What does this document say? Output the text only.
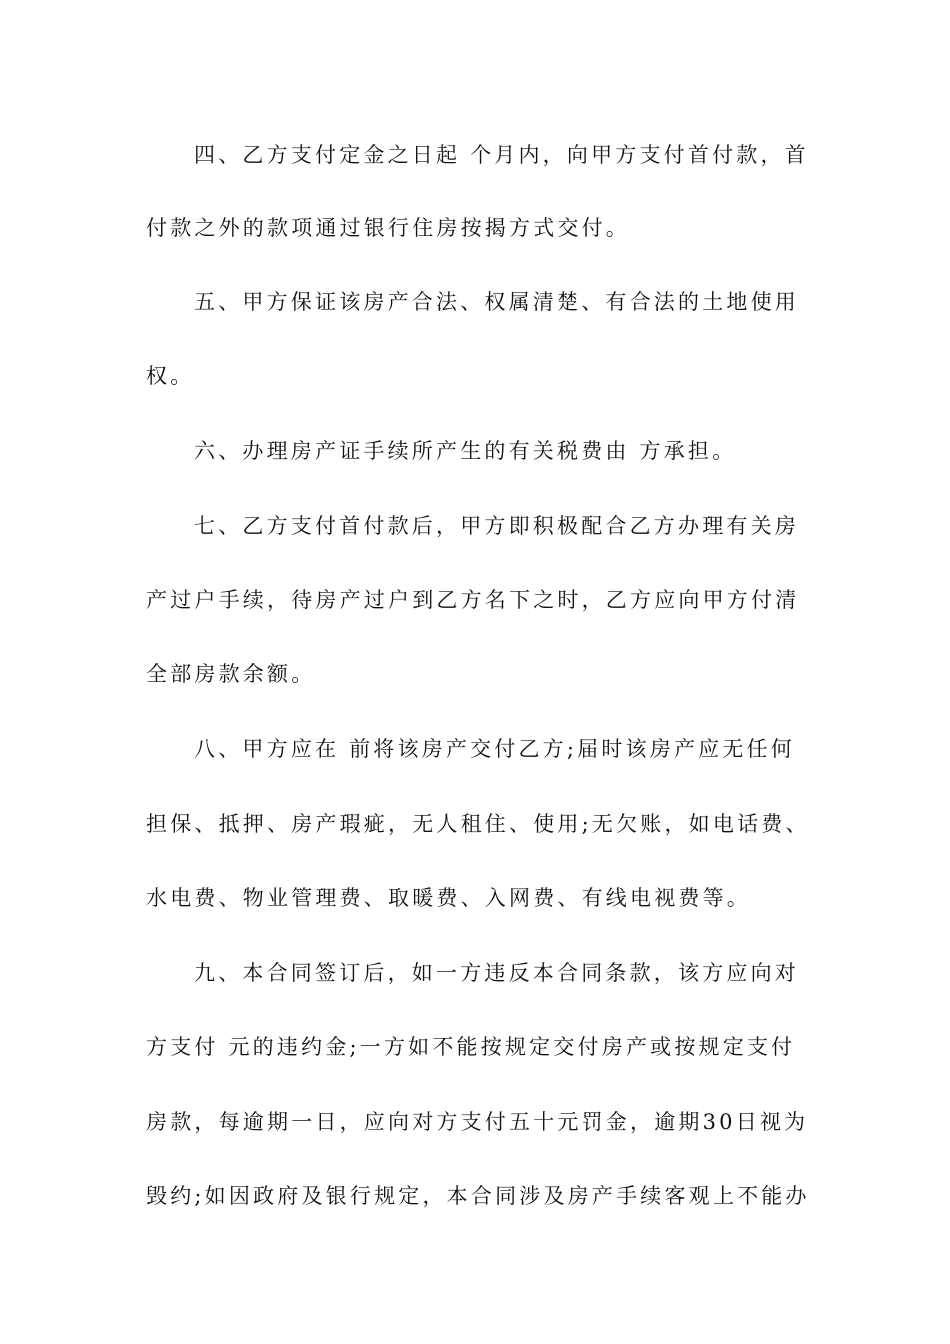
四、乙方支付定金之日起 个月内，向甲方支付首付款，首
付款之外的款项通过银行住房按揭方式交付。
五、甲方保证该房产合法、权属清楚、有合法的土地使用
权。
六、办理房产证手续所产生的有关税费由 方承担。
七、乙方支付首付款后，甲方即积极配合乙方办理有关房
产过户手续，待房产过户到乙方名下之时，乙方应向甲方付清
全部房款余额。
八、甲方应在 前将该房产交付乙方;届时该房产应无任何
担保、抵押、房产瑕疵，无人租住、使用;无欠账，如电话费、
水电费、物业管理费、取暖费、入网费、有线电视费等。
九、本合同签订后，如一方违反本合同条款，该方应向对
方支付 元的违约金;一方如不能按规定交付房产或按规定支付
房款，每逾期一日，应向对方支付五十元罚金，逾期30日视为
毁约;如因政府及银行规定，本合同涉及房产手续客观上不能办
